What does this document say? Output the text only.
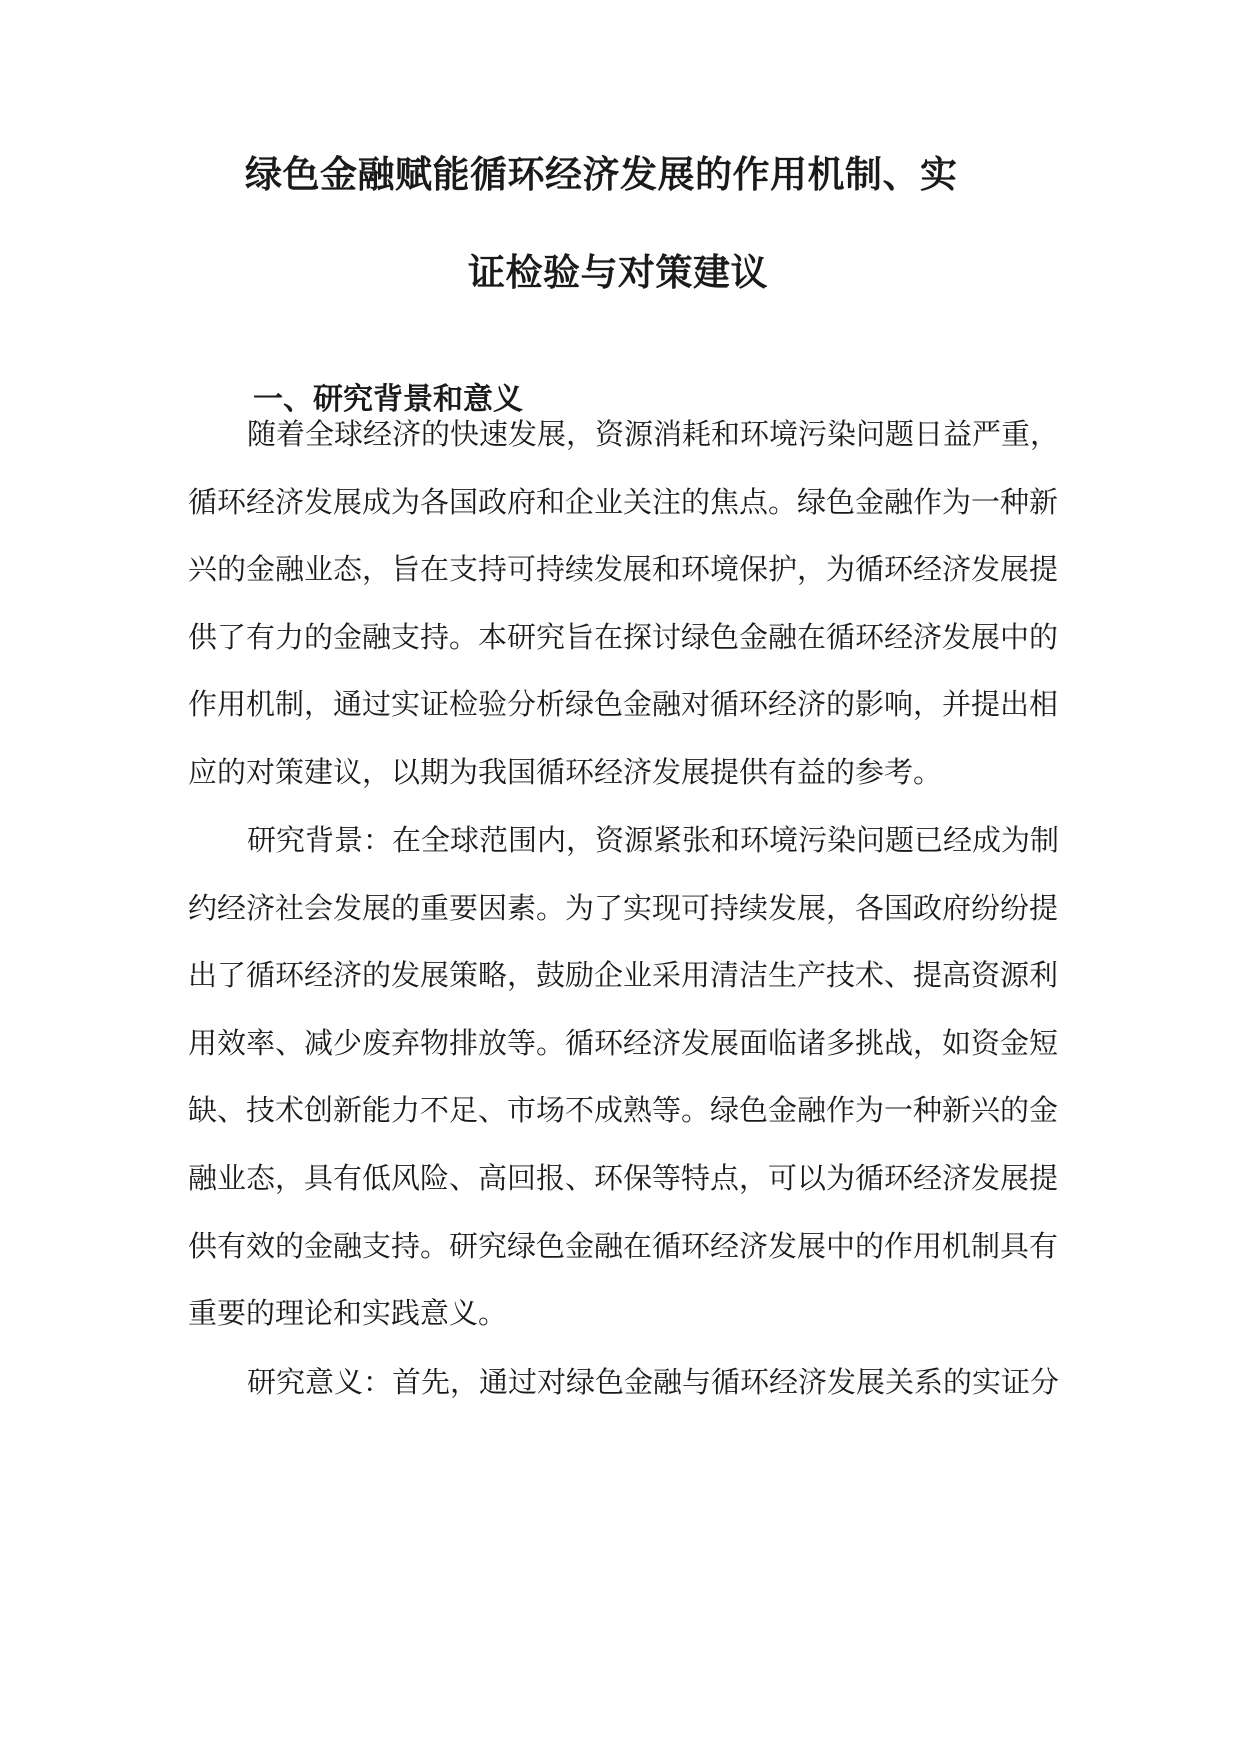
绿色金融赋能循环经济发展的作用机制、实
证检验与对策建议
一、研究背景和意义

随着全球经济的快速发展，资源消耗和环境污染问题日益严重，

循环经济发展成为各国政府和企业关注的焦点。绿色金融作为一种新

兴的金融业态，旨在支持可持续发展和环境保护，为循环经济发展提

供了有力的金融支持。本研究旨在探讨绿色金融在循环经济发展中的

作用机制，通过实证检验分析绿色金融对循环经济的影响，并提出相

应的对策建议，以期为我国循环经济发展提供有益的参考。

研究背景：在全球范围内，资源紧张和环境污染问题已经成为制

约经济社会发展的重要因素。为了实现可持续发展，各国政府纷纷提

出了循环经济的发展策略，鼓励企业采用清洁生产技术、提高资源利

用效率、减少废弃物排放等。循环经济发展面临诸多挑战，如资金短

缺、技术创新能力不足、市场不成熟等。绿色金融作为一种新兴的金

融业态，具有低风险、高回报、环保等特点，可以为循环经济发展提

供有效的金融支持。研究绿色金融在循环经济发展中的作用机制具有

重要的理论和实践意义。

研究意义：首先，通过对绿色金融与循环经济发展关系的实证分
